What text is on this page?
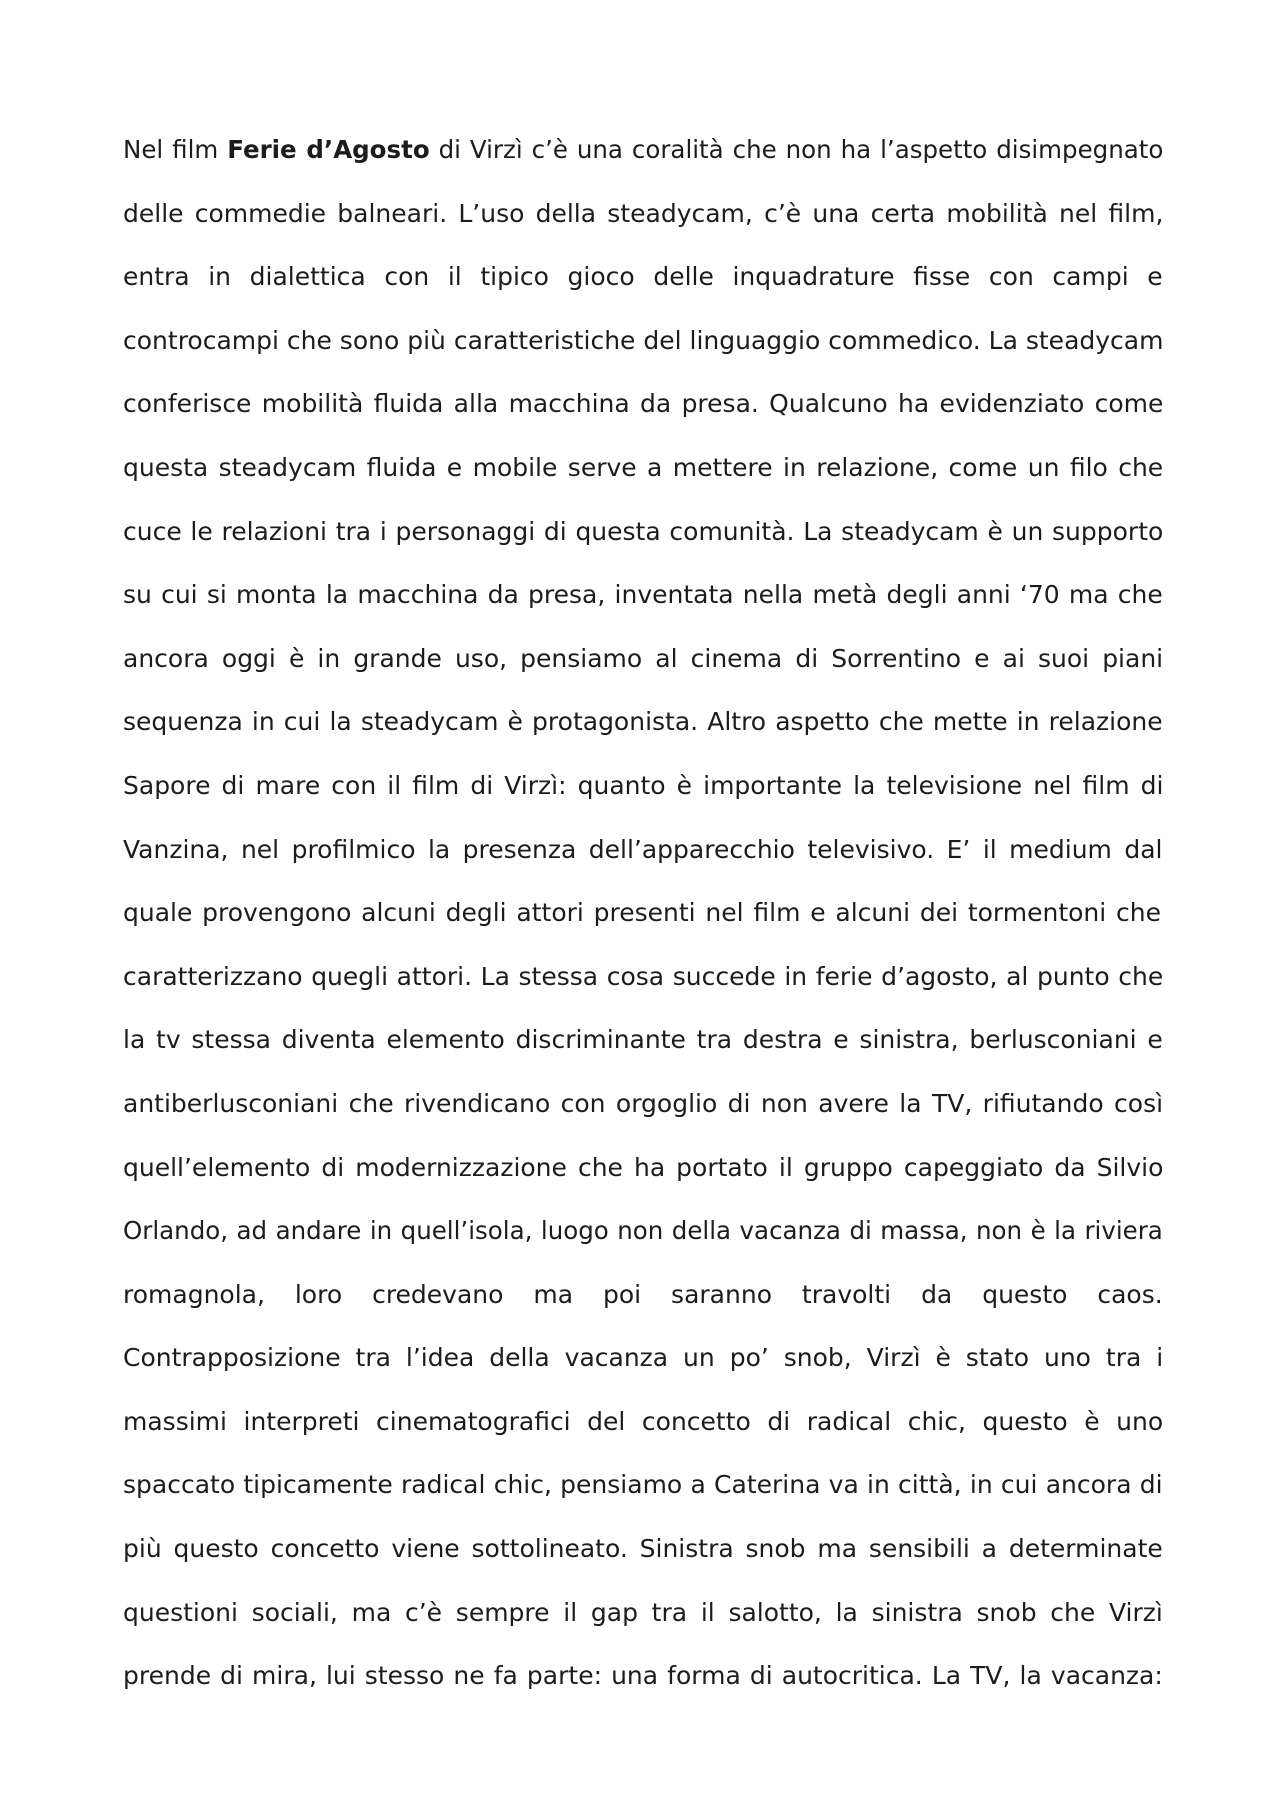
Nel film Ferie d’Agosto di Virzì c’è una coralità che non ha l’aspetto disimpegnato
delle commedie balneari. L’uso della steadycam, c’è una certa mobilità nel film,
entra in dialettica con il tipico gioco delle inquadrature fisse con campi e
controcampi che sono più caratteristiche del linguaggio commedico. La steadycam
conferisce mobilità fluida alla macchina da presa. Qualcuno ha evidenziato come
questa steadycam fluida e mobile serve a mettere in relazione, come un filo che
cuce le relazioni tra i personaggi di questa comunità. La steadycam è un supporto
su cui si monta la macchina da presa, inventata nella metà degli anni ‘70 ma che
ancora oggi è in grande uso, pensiamo al cinema di Sorrentino e ai suoi piani
sequenza in cui la steadycam è protagonista. Altro aspetto che mette in relazione
Sapore di mare con il film di Virzì: quanto è importante la televisione nel film di
Vanzina, nel profilmico la presenza dell’apparecchio televisivo. E’ il medium dal
quale provengono alcuni degli attori presenti nel film e alcuni dei tormentoni che
caratterizzano quegli attori. La stessa cosa succede in ferie d’agosto, al punto che
la tv stessa diventa elemento discriminante tra destra e sinistra, berlusconiani e
antiberlusconiani che rivendicano con orgoglio di non avere la TV, rifiutando così
quell’elemento di modernizzazione che ha portato il gruppo capeggiato da Silvio
Orlando, ad andare in quell’isola, luogo non della vacanza di massa, non è la riviera
romagnola, loro credevano ma poi saranno travolti da questo caos.
Contrapposizione tra l’idea della vacanza un po’ snob, Virzì è stato uno tra i
massimi interpreti cinematografici del concetto di radical chic, questo è uno
spaccato tipicamente radical chic, pensiamo a Caterina va in città, in cui ancora di
più questo concetto viene sottolineato. Sinistra snob ma sensibili a determinate
questioni sociali, ma c’è sempre il gap tra il salotto, la sinistra snob che Virzì
prende di mira, lui stesso ne fa parte: una forma di autocritica. La TV, la vacanza:
